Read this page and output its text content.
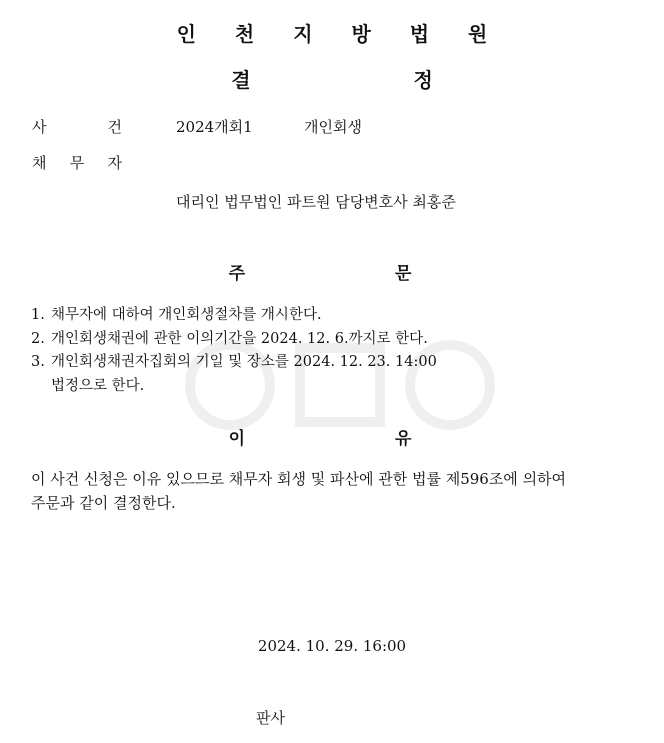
인 천 지 방 법 원
결 정
사	건	2024개회1	개인회생
채 무 자
대리인 법무법인 파트원 담당변호사 최홍준
주 문
1. 채무자에 대하여 개인회생절차를 개시한다.
2. 개인회생채권에 관한 이의기간을 2024. 12. 6.까지로 한다.
3. 개인회생채권자집회의 기일 및 장소를 2024. 12. 23. 14:00
법정으로 한다.
이 유
이 사건 신청은 이유 있으므로 채무자 회생 및 파산에 관한 법률 제596조에 의하여
주문과 같이 결정한다.
2024. 10. 29. 16:00
판사
